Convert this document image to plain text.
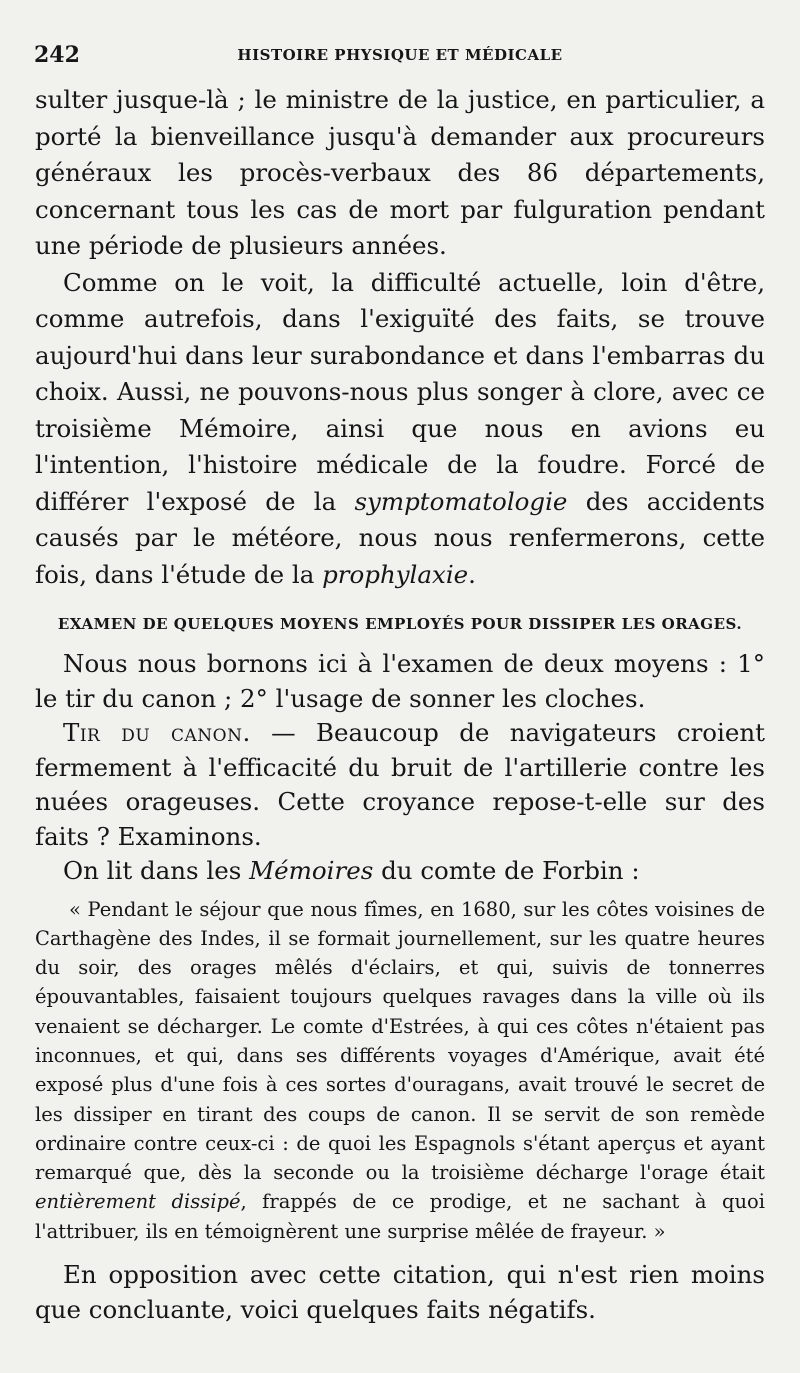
242	HISTOIRE PHYSIQUE ET MÉDICALE

sulter jusque-là ; le ministre de la justice, en particulier, a porté la bienveillance jusqu'à demander aux procureurs généraux les procès-verbaux des 86 départements, concernant tous les cas de mort par fulguration pendant une période de plusieurs années.

Comme on le voit, la difficulté actuelle, loin d'être, comme autrefois, dans l'exiguïté des faits, se trouve aujourd'hui dans leur surabondance et dans l'embarras du choix. Aussi, ne pouvons-nous plus songer à clore, avec ce troisième Mémoire, ainsi que nous en avions eu l'intention, l'histoire médicale de la foudre. Forcé de différer l'exposé de la symptomatologie des accidents causés par le météore, nous nous renfermerons, cette fois, dans l'étude de la prophylaxie.

EXAMEN DE QUELQUES MOYENS EMPLOYÉS POUR DISSIPER LES ORAGES.

Nous nous bornons ici à l'examen de deux moyens : 1° le tir du canon ; 2° l'usage de sonner les cloches.

Tir du canon. — Beaucoup de navigateurs croient fermement à l'efficacité du bruit de l'artillerie contre les nuées orageuses. Cette croyance repose-t-elle sur des faits ? Examinons.

On lit dans les Mémoires du comte de Forbin :

« Pendant le séjour que nous fîmes, en 1680, sur les côtes voisines de Carthagène des Indes, il se formait journellement, sur les quatre heures du soir, des orages mêlés d'éclairs, et qui, suivis de tonnerres épouvantables, faisaient toujours quelques ravages dans la ville où ils venaient se décharger. Le comte d'Estrées, à qui ces côtes n'étaient pas inconnues, et qui, dans ses différents voyages d'Amérique, avait été exposé plus d'une fois à ces sortes d'ouragans, avait trouvé le secret de les dissiper en tirant des coups de canon. Il se servit de son remède ordinaire contre ceux-ci : de quoi les Espagnols s'étant aperçus et ayant remarqué que, dès la seconde ou la troisième décharge l'orage était entièrement dissipé, frappés de ce prodige, et ne sachant à quoi l'attribuer, ils en témoignèrent une surprise mêlée de frayeur. »

En opposition avec cette citation, qui n'est rien moins que concluante, voici quelques faits négatifs.
